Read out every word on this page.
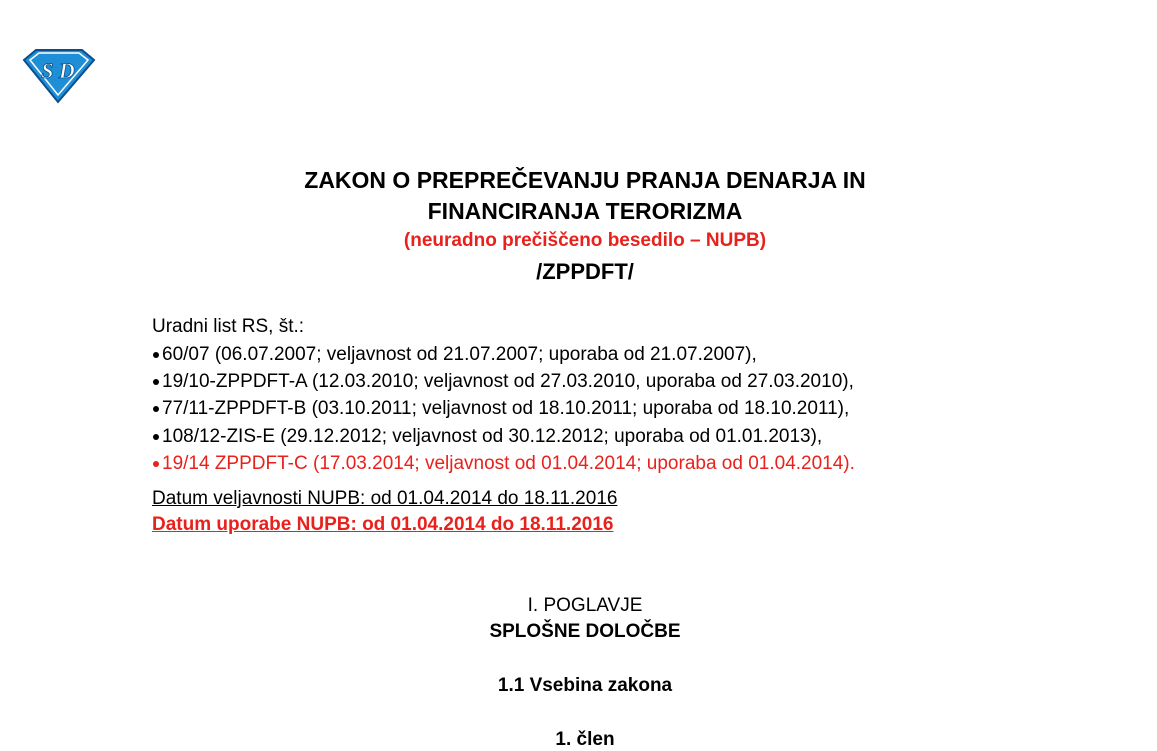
S D
ZAKON O PREPREČEVANJU PRANJA DENARJA IN
FINANCIRANJA TERORIZMA
(neuradno prečiščeno besedilo – NUPB)
/ZPPDFT/
Uradni list RS, št.:
60/07 (06.07.2007; veljavnost od 21.07.2007; uporaba od 21.07.2007),
19/10-ZPPDFT-A (12.03.2010; veljavnost od 27.03.2010, uporaba od 27.03.2010),
77/11-ZPPDFT-B (03.10.2011; veljavnost od 18.10.2011; uporaba od 18.10.2011),
108/12-ZIS-E (29.12.2012; veljavnost od 30.12.2012; uporaba od 01.01.2013),
19/14 ZPPDFT-C (17.03.2014; veljavnost od 01.04.2014; uporaba od 01.04.2014).
Datum veljavnosti NUPB: od 01.04.2014 do 18.11.2016
Datum uporabe NUPB: od 01.04.2014 do 18.11.2016
I. POGLAVJE
SPLOŠNE DOLOČBE
1.1 Vsebina zakona
1. člen
